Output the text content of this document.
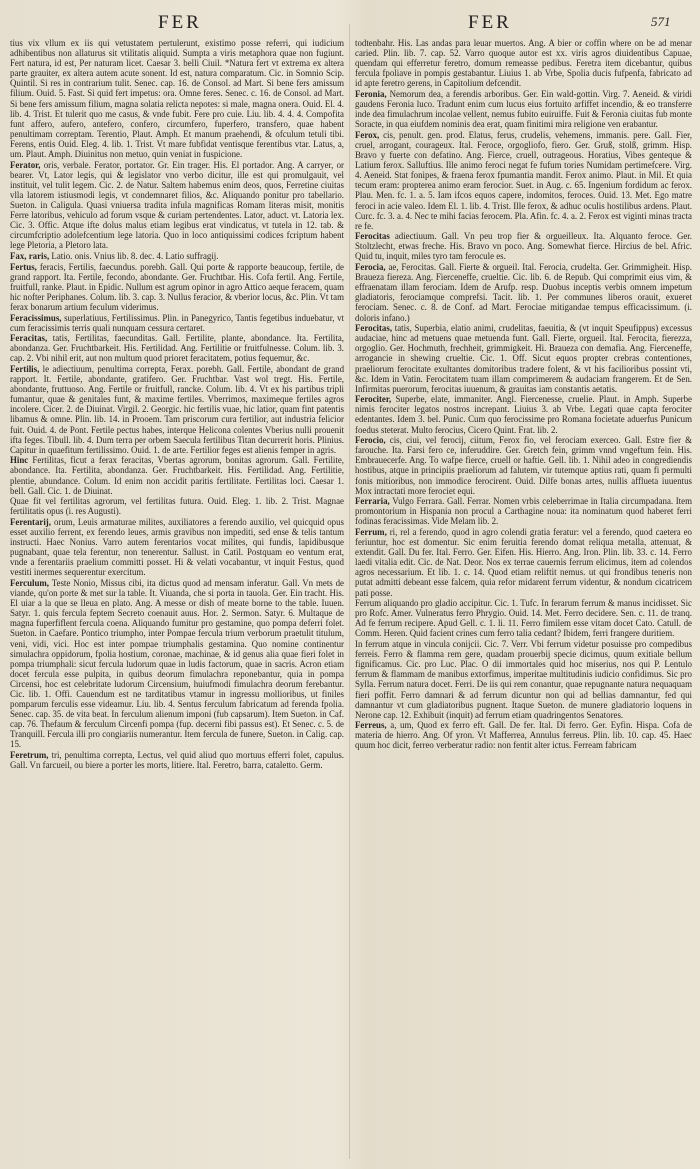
FER	FER	571

tius vix vllum ex iis qui vetustatem pertulerunt, existimo posse referri, qui iudicium adhibentibus non allaturus sit vtilitatis aliquid. Sumpta a viris metaphora quae non fugiunt. Fert natura, id est, Per naturam licet. Caesar 3. belli Ciuil. *Natura fert vt extrema ex altera parte grauiter, ex altera autem acute sonent. Id est, natura comparatum. Cic. in Somnio Scip. Quintil. Si res in contrarium tulit. Senec. cap. 16. de Consol. ad Mart. Si bene fers amissum filium. Ouid. 5. Fast. Si quid fert impetus: ora. Omne feres. Senec. c. 16. de Consol. ad Mart. Si bene fers amissum filium, magna solatia relicta nepotes: si male, magna onera. Ouid. El. 4. lib. 4. Trist. Et tulerit quo me casus, & vnde fubit. Fere pro cuie. Liu. lib. 4. 4. 4. Compofita funt affero, aufero, antefero, confero, circumfero, fuperfero, transfero, quae habent penultimam correptam. Terentio, Plaut. Amph. Et manum praehendi, & ofculum tetuli tibi. Ferens, entis Ouid. Eleg. 4. lib. 1. Trist. Vt mare fubfidat ventisque ferentibus vtar. Latus, a, um. Plaut. Amph. Diuinitus non metuo, quin veniat in fuspicione.

Ferator, oris, verbale. Ferator, portator. Gr. Ein trager. His. El portador. Ang. A carryer, or bearer. Vt, Lator legis, qui & legislator vno verbo dicitur, ille est qui promulgauit, vel instituit, vel tulit legem. Cic. 2. de Natur. Saltem habemus enim deos, quos, Ferretine ciuitas vlla latorem istiusmodi legis, vt condemnaret filios, &c. Aliquando ponitur pro tabellario. Sueton. in Caligula. Quasi vniuersa tradita infula magnificas Romam literas misit, monitis Ferre latoribus, vehiculo ad forum vsque & curiam pertendentes. Lator, aduct. vt. Latoria lex. Cic. 3. Offic. Atque ifte dolus malus etiam legibus erat vindicatus, vt tutela in 12. tab. & circumfcriptio adolefcentium lege latoria. Quo in loco antiquissimi codices fcriptum habent lege Pletoria, a Pletoro lata.

Fax, raris, Latio. onis. Vnius lib. 8. dec. 4. Latio suffragij.

Fertus, feracis, Fertilis, faecundus. porebh. Gall. Qui porte & rapporte beaucoup, fertile, de grand rapport. Ita. Fertile, fecondo, abondante. Ger. Fruchtbar. His. Cofa fertil. Ang. Fertile, fruitfull, ranke. Plaut. in Epidic. Nullum est agrum opinor in agro Attico aeque feracem, quam hic nofter Periphanes. Colum. lib. 3. cap. 3. Nullus feracior, & vberior locus, &c. Plin. Vt tam ferax bonarum artium feculum viderimus.

Feracissimus, superlatiuus, Fertilissimus. Plin. in Panegyrico, Tantis fegetibus induebatur, vt cum feracissimis terris quali nunquam cessura certaret.

Feracitas, tatis, Fertilitas, faecunditas. Gall. Fertilite, plante, abondance. Ita. Fertilita, abondanza. Ger. Fruchtbarkeit. His. Fertilidad. Ang. Fertilitie or fruitfulnesse. Colum. lib. 3. cap. 2. Vbi nihil erit, aut non multum quod prioret feracitatem, potius fequemur, &c.

Fertilis, le adiectiuum, penultima correpta, Ferax. porebh. Gall. Fertile, abondant de grand rapport. It. Fertile, abondante, gratifero. Ger. Fruchtbar. Vast wol tregt. His. Fertile, abondante, fruttuoso. Ang. Fertile or fruitfull, rancke. Colum. lib. 4. Vt ex his partibus tripli fumantur, quae & genitales funt, & maxime fertiles. Vberrimos, maximeque fertiles agros incolere. Cicer. 2. de Diuinat. Virgil. 2. Georgic. hic fertilis vuae, hic latior, quam fint patentis libamus & omne. Plin. lib. 14. in Prooem. Tam priscorum cura fertilior, aut industria felicior fuit. Ouid. 4. de Pont. Fertile pectus habes, interque Helicona colentes Vberius nulli prouenit ifta feges. Tibull. lib. 4. Dum terra per orbem Saecula fertilibus Titan decurrerit horis. Plinius. Capitur in quaefitum fertilissimo. Ouid. 1. de arte. Fertilior feges est alienis femper in agris.

Hinc Fertilitas, ficut a ferax feracitas, Vbertas agrorum, bonitas agrorum. Gall. Fertilite, abondance. Ita. Fertilita, abondanza. Ger. Fruchtbarkeit. His. Fertilidad. Ang. Fertilitie, plentie, abundance. Colum. Id enim non accidit paritis fertilitate. Fertilitas loci. Caesar 1. bell. Gall. Cic. 1. de Diuinat.

Quae fit vel fertilitas agrorum, vel fertilitas futura. Ouid. Eleg. 1. lib. 2. Trist. Magnae fertilitatis opus (i. res Augusti).

Ferentarij, orum, Leuis armaturae milites, auxiliatores a ferendo auxilio, vel quicquid opus esset auxilio ferrent, ex ferendo leues, armis gravibus non impediti, sed ense & telis tantum instructi. Haec Nonius. Varro autem ferentarios vocat milites, qui fundis, lapidibusque pugnabant, quae tela ferentur, non tenerentur. Sallust. in Catil. Postquam eo ventum erat, vnde a ferentariis praelium committi posset. Hi & velati vocabantur, vt inquit Festus, quod vestiti inermes sequerentur exercitum.

Ferculum, Teste Nonio, Missus cibi, ita dictus quod ad mensam inferatur. Gall. Vn mets de viande, qu'on porte & met sur la table. It. Viuanda, che si porta in tauola. Ger. Ein tracht. His. El uiar a la que se lleua en plato. Ang. A messe or dish of meate borne to the table. Iuuen. Satyr. 1. quis fercula feptem Secreto coenauit auus. Hor. 2. Sermon. Satyr. 6. Multaque de magna fuperfiflent fercula coena. Aliquando fumitur pro gestamine, quo pompa deferri folet. Sueton. in Caefare. Pontico triumpho, inter Pompae fercula trium verborum praetulit titulum, veni, vidi, vici. Hoc est inter pompae triumphalis gestamina. Quo nomine continentur simulachra oppidorum, fpolia hostium, coronae, machinae, & id genus alia quae fieri folet in pompa triumphali: sicut fercula ludorum quae in ludis factorum, quae in sacris. Acron etiam docet fercula esse pulpita, in quibus deorum fimulachra reponebantur, quia in pompa Circensi, hoc est celebritate ludorum Circensium, huiufmodi fimulachra deorum ferebantur. Cic. lib. 1. Offi. Cauendum est ne tarditatibus vtamur in ingressu mollioribus, ut finiles pomparum ferculis esse videamur. Liu. lib. 4. Sentus ferculum fabricatum ad ferenda fpolia. Senec. cap. 35. de vita beat. In ferculum alienum imponi (fub capsarum). Item Sueton. in Caf. cap. 76. Thefaum & ferculum Circenfi pompa (fup. decerni fibi passus est). Et Senec. c. 5. de Tranquill. Fercula illi pro congiariis numerantur. Item fercula de funere, Sueton. in Calig. cap. 15.

Feretrum, tri, penultima correpta, Lectus, vel quid aliud quo mortuus efferri folet, capulus. Gall. Vn farcueil, ou biere a porter les morts, litiere. Ital. Feretro, barra, cataletto. Germ.

todtenbahr. His. Las andas para leuar muertos. Ang. A bier or coffin where on be ad menar caried. Plin. lib. 7. cap. 52. Varro quoque autor est xx. viris agros diuidentibus Capuae, quendam qui efferretur feretro, domum remeasse pedibus. Feretra item dicebantur, quibus fercula fpoliave in pompis gestabantur. Liuius 1. ab Vrbe, Spolia ducis fufpenfa, fabricato ad id apte feretro gerens, in Capitolium defcendit.

Feronia, Nemorum dea, a ferendis arboribus. Ger. Ein wald-gottin. Virg. 7. Aeneid. & viridi gaudens Feronia luco. Tradunt enim cum lucus eius fortuito arfiffet incendio, & eo transferre inde dea fimulachrum incolae vellent, nemus fubito euiruiffe. Fuit & Feronia ciuitas fub monte Soracte, in qua eiufdem nominis dea erat, quam finitimi mira religione ven erabantur.

Ferox, cis, penult. gen. prod. Elatus, ferus, crudelis, vehemens, immanis. pere. Gall. Fier, cruel, arrogant, courageux. Ital. Feroce, orgogliofo, fiero. Ger. Gruß, stolß, grimm. Hisp. Bravo y fuerte con defatino. Ang. Fierce, cruell, outrageous. Horatius, Vibes genteque & Latium ferox. Salluftius. Ille animo feroci negat fe fufum tories Numidam pertimefcere. Virg. 4. Aeneid. Stat fonipes, & fraena ferox fpumantia mandit. Ferox animo. Plaut. in Mil. Et quia tecum eram: propterea animo eram ferocior. Suet. in Aug. c. 65. Ingenium fordidum ac ferox. Plau. Men. fc. 1. a. 5. Iam ifcos equos capere, indomitos, feroces. Ouid. 13. Met. Ego matre feroci in acie valeo. Idem El. 1. lib. 4. Trist. Ille ferox, & adhuc oculis hostilibus ardens. Plaut. Curc. fc. 3. a. 4. Nec te mihi facias ferocem. Pla. Afin. fc. 4. a. 2. Ferox est viginti minas tracta re fe.

Ferocitas adiectiuum. Gall. Vn peu trop fier & orgueilleux. Ita. Alquanto feroce. Ger. Stoltzlecht, etwas freche. His. Bravo vn poco. Ang. Somewhat fierce. Hircius de bel. Afric. Quid tu, inquit, miles tyro tam ferocule es.

Ferocia, ae, Ferocitas. Gall. Fierte & orgueil. Ital. Ferocia, crudelta. Ger. Grimmigheit. Hisp. Braueza fiereza. Ang. Fierceneffe, crueltie. Cic. lib. 6. de Repub. Qui comprimit eius vim, & effraenatam illam ferociam. Idem de Arufp. resp. Duobus inceptis verbis omnem impetum gladiatoris, ferociamque comprefsi. Tacit. lib. 1. Per communes liberos orauit, exueret ferociam. Senec. c. 8. de Conf. ad Mart. Ferociae mitigandae tempus efficacissimum. (i. doloris infano.)

Ferocitas, tatis, Superbia, elatio animi, crudelitas, faeuitia, & (vt inquit Speufippus) excessus audaciae, hinc ad metuens quae metuenda funt. Gall. Fierte, orgueil. Ital. Ferocita, fierezza, orgoglio. Ger. Hochmuth, frechheit, grimmigkeit. Hi. Braueza con demafia. Ang. Fierceneffe, arrogancie in shewing crueltie. Cic. 1. Off. Sicut equos propter crebras contentiones, praeliorum ferocitate exultantes domitoribus tradere folent, & vt his facilioribus possint vti, &c. Idem in Vatin. Ferocitatem tuam illam comprimerem & audaciam frangerem. Et de Sen. Infirmitas puerorum, ferocitas iuuenum, & grauitas iam constantis aetatis.

Ferociter, Superbe, elate, immaniter. Angl. Fiercenesse, cruelie. Plaut. in Amph. Superbe nimis ferociter legatos nostros increpant. Liuius 3. ab Vrbe. Legati quae capta ferociter edentantes. Idem 3. bel. Punic. Cum quo ferocissime pro Romana focietate aduerfus Punicum foedus steterat. Multo ferocius, Cicero Quint. Frat. lib. 2.

Ferocio, cis, ciui, vel ferocij, ciitum, Ferox fio, vel ferociam exerceo. Gall. Estre fier & farouche. Ita. Farsi fero ce, inferuddire. Ger. Gretch fein, grimm vnnd vngeftum fein. His. Embrauecerfe. Ang. To wafpe fierce, cruell or haftie. Gell. lib. 1. Nihil adeo in congrediendis hostibus, atque in principiis praeliorum ad falutem, vir tutemque aptius rati, quam fi permulti fonis mitioribus, non immodice ferocirent. Ouid. Dilfe bonas artes, nullis afflueta iuuentus Mox intractati more ferociet equi.

Ferraria, Vulgo Ferrara. Gall. Ferrar. Nomen vrbis celeberrimae in Italia circumpadana. Item promontorium in Hispania non procul a Carthagine noua: ita nominatum quod haberet ferri fodinas feracissimas. Vide Melam lib. 2.

Ferrum, ri, rel a ferendo, quod in agro colendi gratia feratur: vel a ferendo, quod caetera eo feriuntur, hoc est domentur. Sic enim feruitia ferendo domat reliqua metalla, attenuat, & extendit. Gall. Du fer. Ital. Ferro. Ger. Eifen. His. Hierro. Ang. Iron. Plin. lib. 33. c. 14. Ferro laedi vitalia edit. Cic. de Nat. Deor. Nos ex terrae cauernis ferrum elicimus, item ad colendos agros necessarium. Et lib. 1. c. 14. Quod etiam reliftit nemus. ut qui frondibus teneris non putat admitti debeant esse falcem, quia refor midarent ferrum videntur, & nondum cicatricem pati posse.

Ferrum aliquando pro gladio accipitur. Cic. 1. Tufc. In ferarum ferrum & manus incidisset. Sic pro Rofc. Amer. Vulneratus ferro Phrygio. Ouid. 14. Met. Ferro decidere. Sen. c. 11. de tranq. Ad fe ferrum recipere. Apud Gell. c. 1. li. 11. Ferro fimilem esse vitam docet Cato. Catull. de Comm. Heren. Quid facient crines cum ferro talia cedant? Ibidem, ferri frangere duritiem.

In ferrum atque in vincula conijcii. Cic. 7. Verr. Vbi ferrum videtur posuisse pro compedibus ferreis. Ferro & flamma rem gere, quadam prouerbij specie dicimus, quum exitiale bellum fignificamus. Cic. pro Luc. Plac. O dii immortales quid hoc miserius, nos qui P. Lentulo ferrum & flammam de manibus extorfimus, imperitae multitudinis iudicio confidimus. Sic pro Sylla. Ferrum natura docet. Ferri. De iis qui rem conantur, quae repugnante natura nequaquam fieri poffit. Ferro damnari & ad ferrum dicuntur non qui ad bellias damnantur, fed qui damnantur vt cum gladiatoribus pugnent. Itaque Sueton. de munere gladiatorio loquens in Nerone cap. 12. Exhibuit (inquit) ad ferrum etiam quadringentos Senatores.

Ferreus, a, um, Quod ex ferro eft. Gall. De fer. Ital. Di ferro. Ger. Eyfin. Hispa. Cofa de materia de hierro. Ang. Of yron. Vt Mafferrea, Annulus ferreus. Plin. lib. 10. cap. 45. Haec quum hoc dicit, ferreo verberatur radio: non fentit alter ictus. Ferream fabricam
